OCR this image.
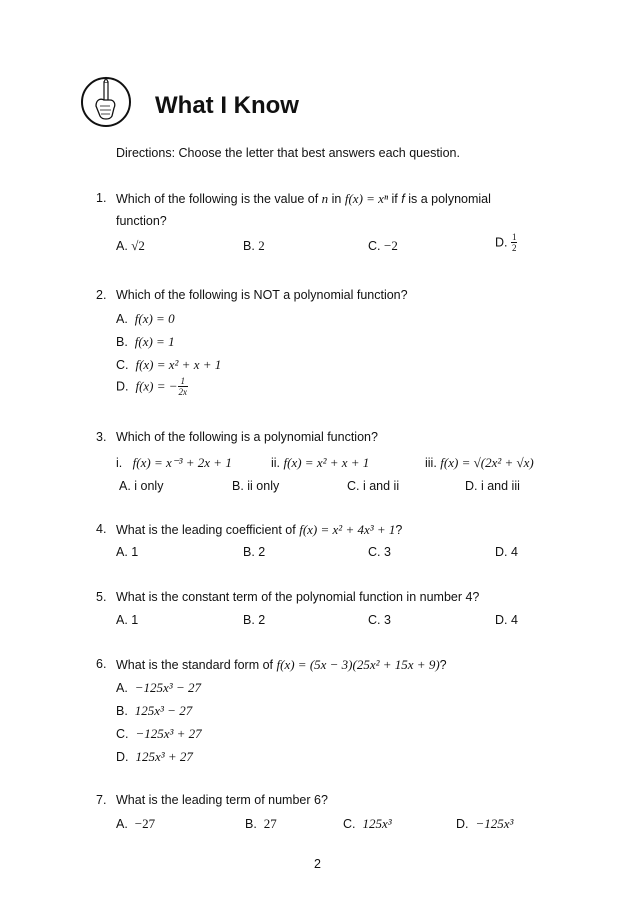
What I Know
Directions: Choose the letter that best answers each question.
1. Which of the following is the value of n in f(x) = xⁿ if f is a polynomial
function?
A. √2	B. 2	C. −2	D. $\frac{1}{2}$
2. Which of the following is NOT a polynomial function?
A. f(x) = 0
B. f(x) = 1
C. f(x) = x² + x + 1
D. f(x) = − $\frac{1}{2x}$
3. Which of the following is a polynomial function?
i. f(x) = x⁻³ + 2x + 1	ii. f(x) = x² + x + 1	iii. f(x) = √(2x² + √x)
A. i only	B. ii only	C. i and ii	D. i and iii
4. What is the leading coefficient of f(x) = x² + 4x³ + 1?
A. 1	B. 2	C. 3	D. 4
5. What is the constant term of the polynomial function in number 4?
A. 1	B. 2	C. 3	D. 4
6. What is the standard form of f(x) = (5x − 3)(25x² + 15x + 9)?
A. −125x³ − 27
B. 125x³ − 27
C. −125x³ + 27
D. 125x³ + 27
7. What is the leading term of number 6?
A. −27	B. 27	C. 125x³	D. −125x³
2
